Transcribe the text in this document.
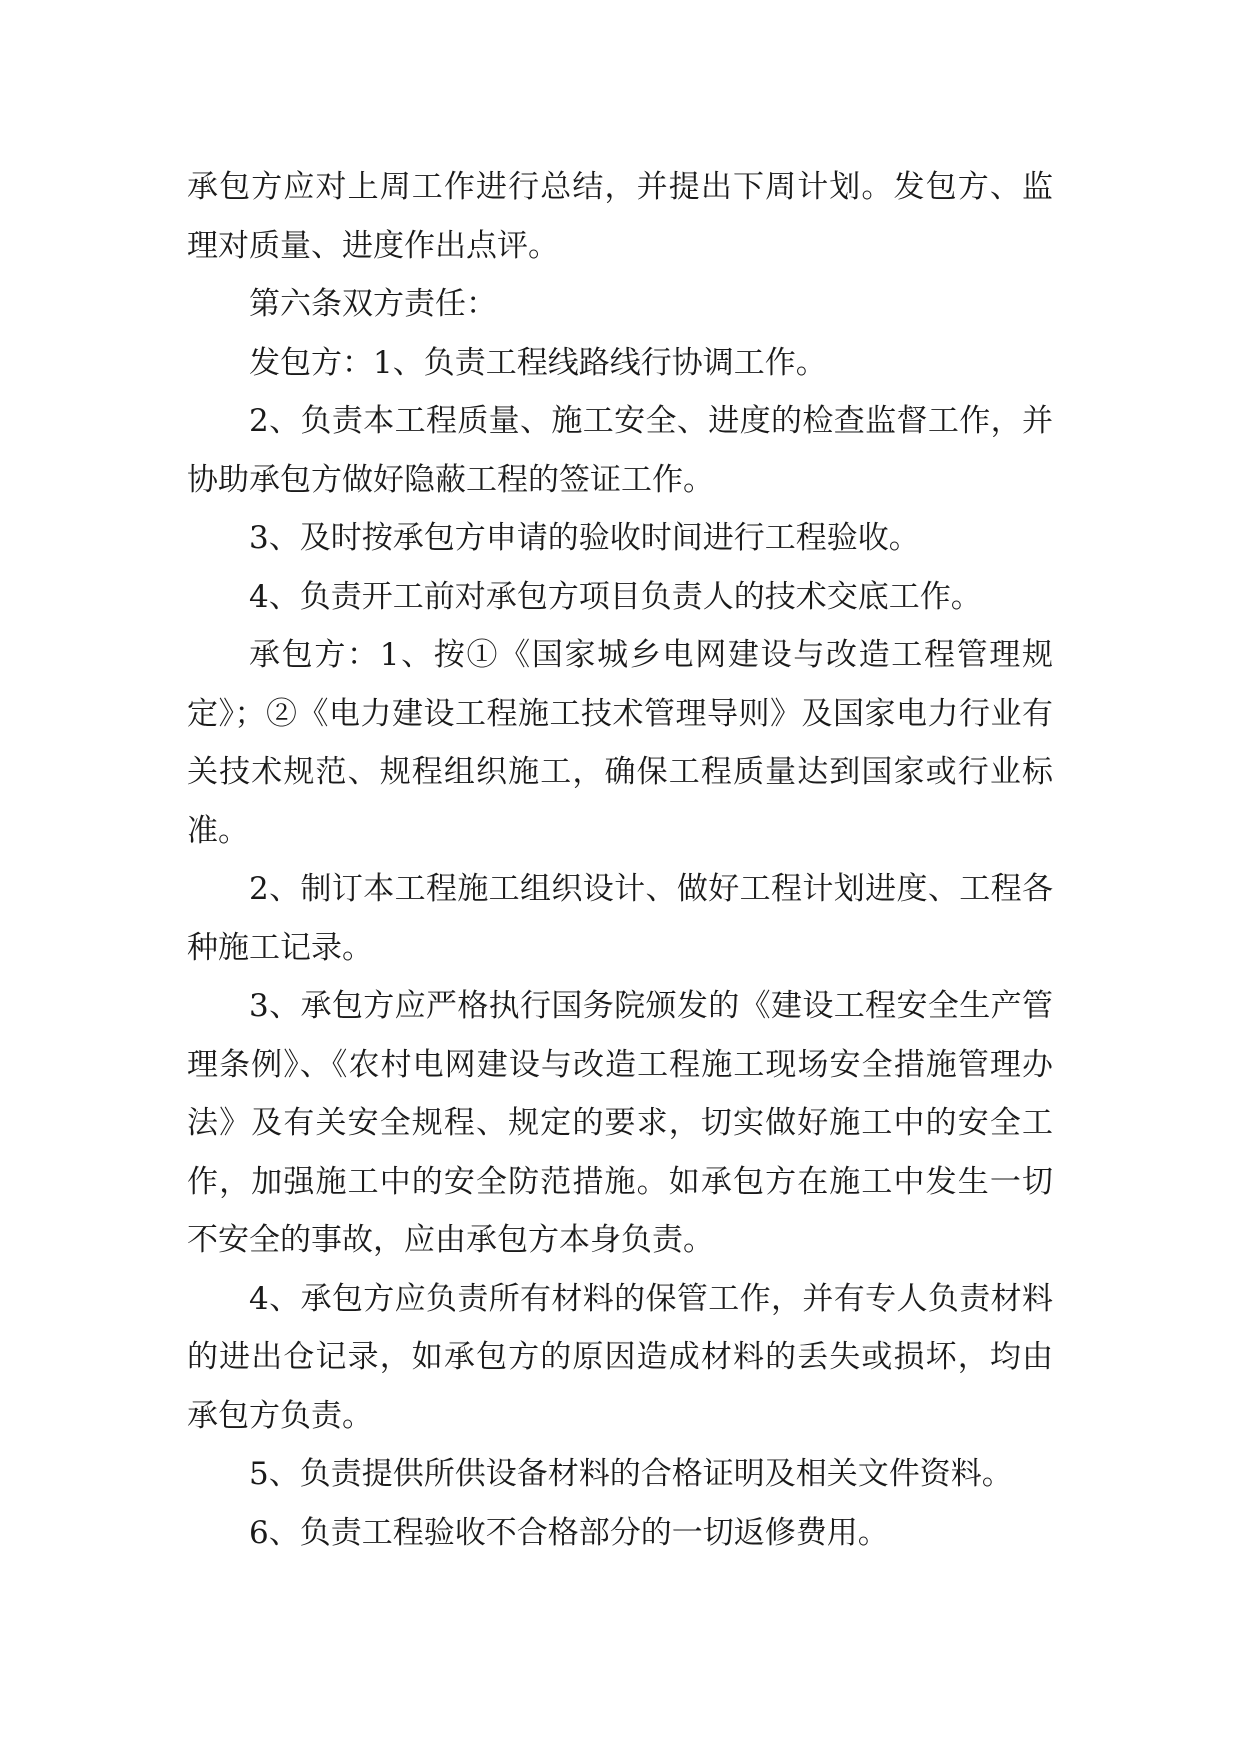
承包方应对上周工作进行总结，并提出下周计划。发包方、监理对质量、进度作出点评。

第六条双方责任：

发包方：1、负责工程线路线行协调工作。

2、负责本工程质量、施工安全、进度的检查监督工作，并协助承包方做好隐蔽工程的签证工作。

3、及时按承包方申请的验收时间进行工程验收。

4、负责开工前对承包方项目负责人的技术交底工作。

承包方：1、按①《国家城乡电网建设与改造工程管理规定》；②《电力建设工程施工技术管理导则》及国家电力行业有关技术规范、规程组织施工，确保工程质量达到国家或行业标准。

2、制订本工程施工组织设计、做好工程计划进度、工程各种施工记录。

3、承包方应严格执行国务院颁发的《建设工程安全生产管理条例》、《农村电网建设与改造工程施工现场安全措施管理办法》及有关安全规程、规定的要求，切实做好施工中的安全工作，加强施工中的安全防范措施。如承包方在施工中发生一切不安全的事故，应由承包方本身负责。

4、承包方应负责所有材料的保管工作，并有专人负责材料的进出仓记录，如承包方的原因造成材料的丢失或损坏，均由承包方负责。

5、负责提供所供设备材料的合格证明及相关文件资料。

6、负责工程验收不合格部分的一切返修费用。
